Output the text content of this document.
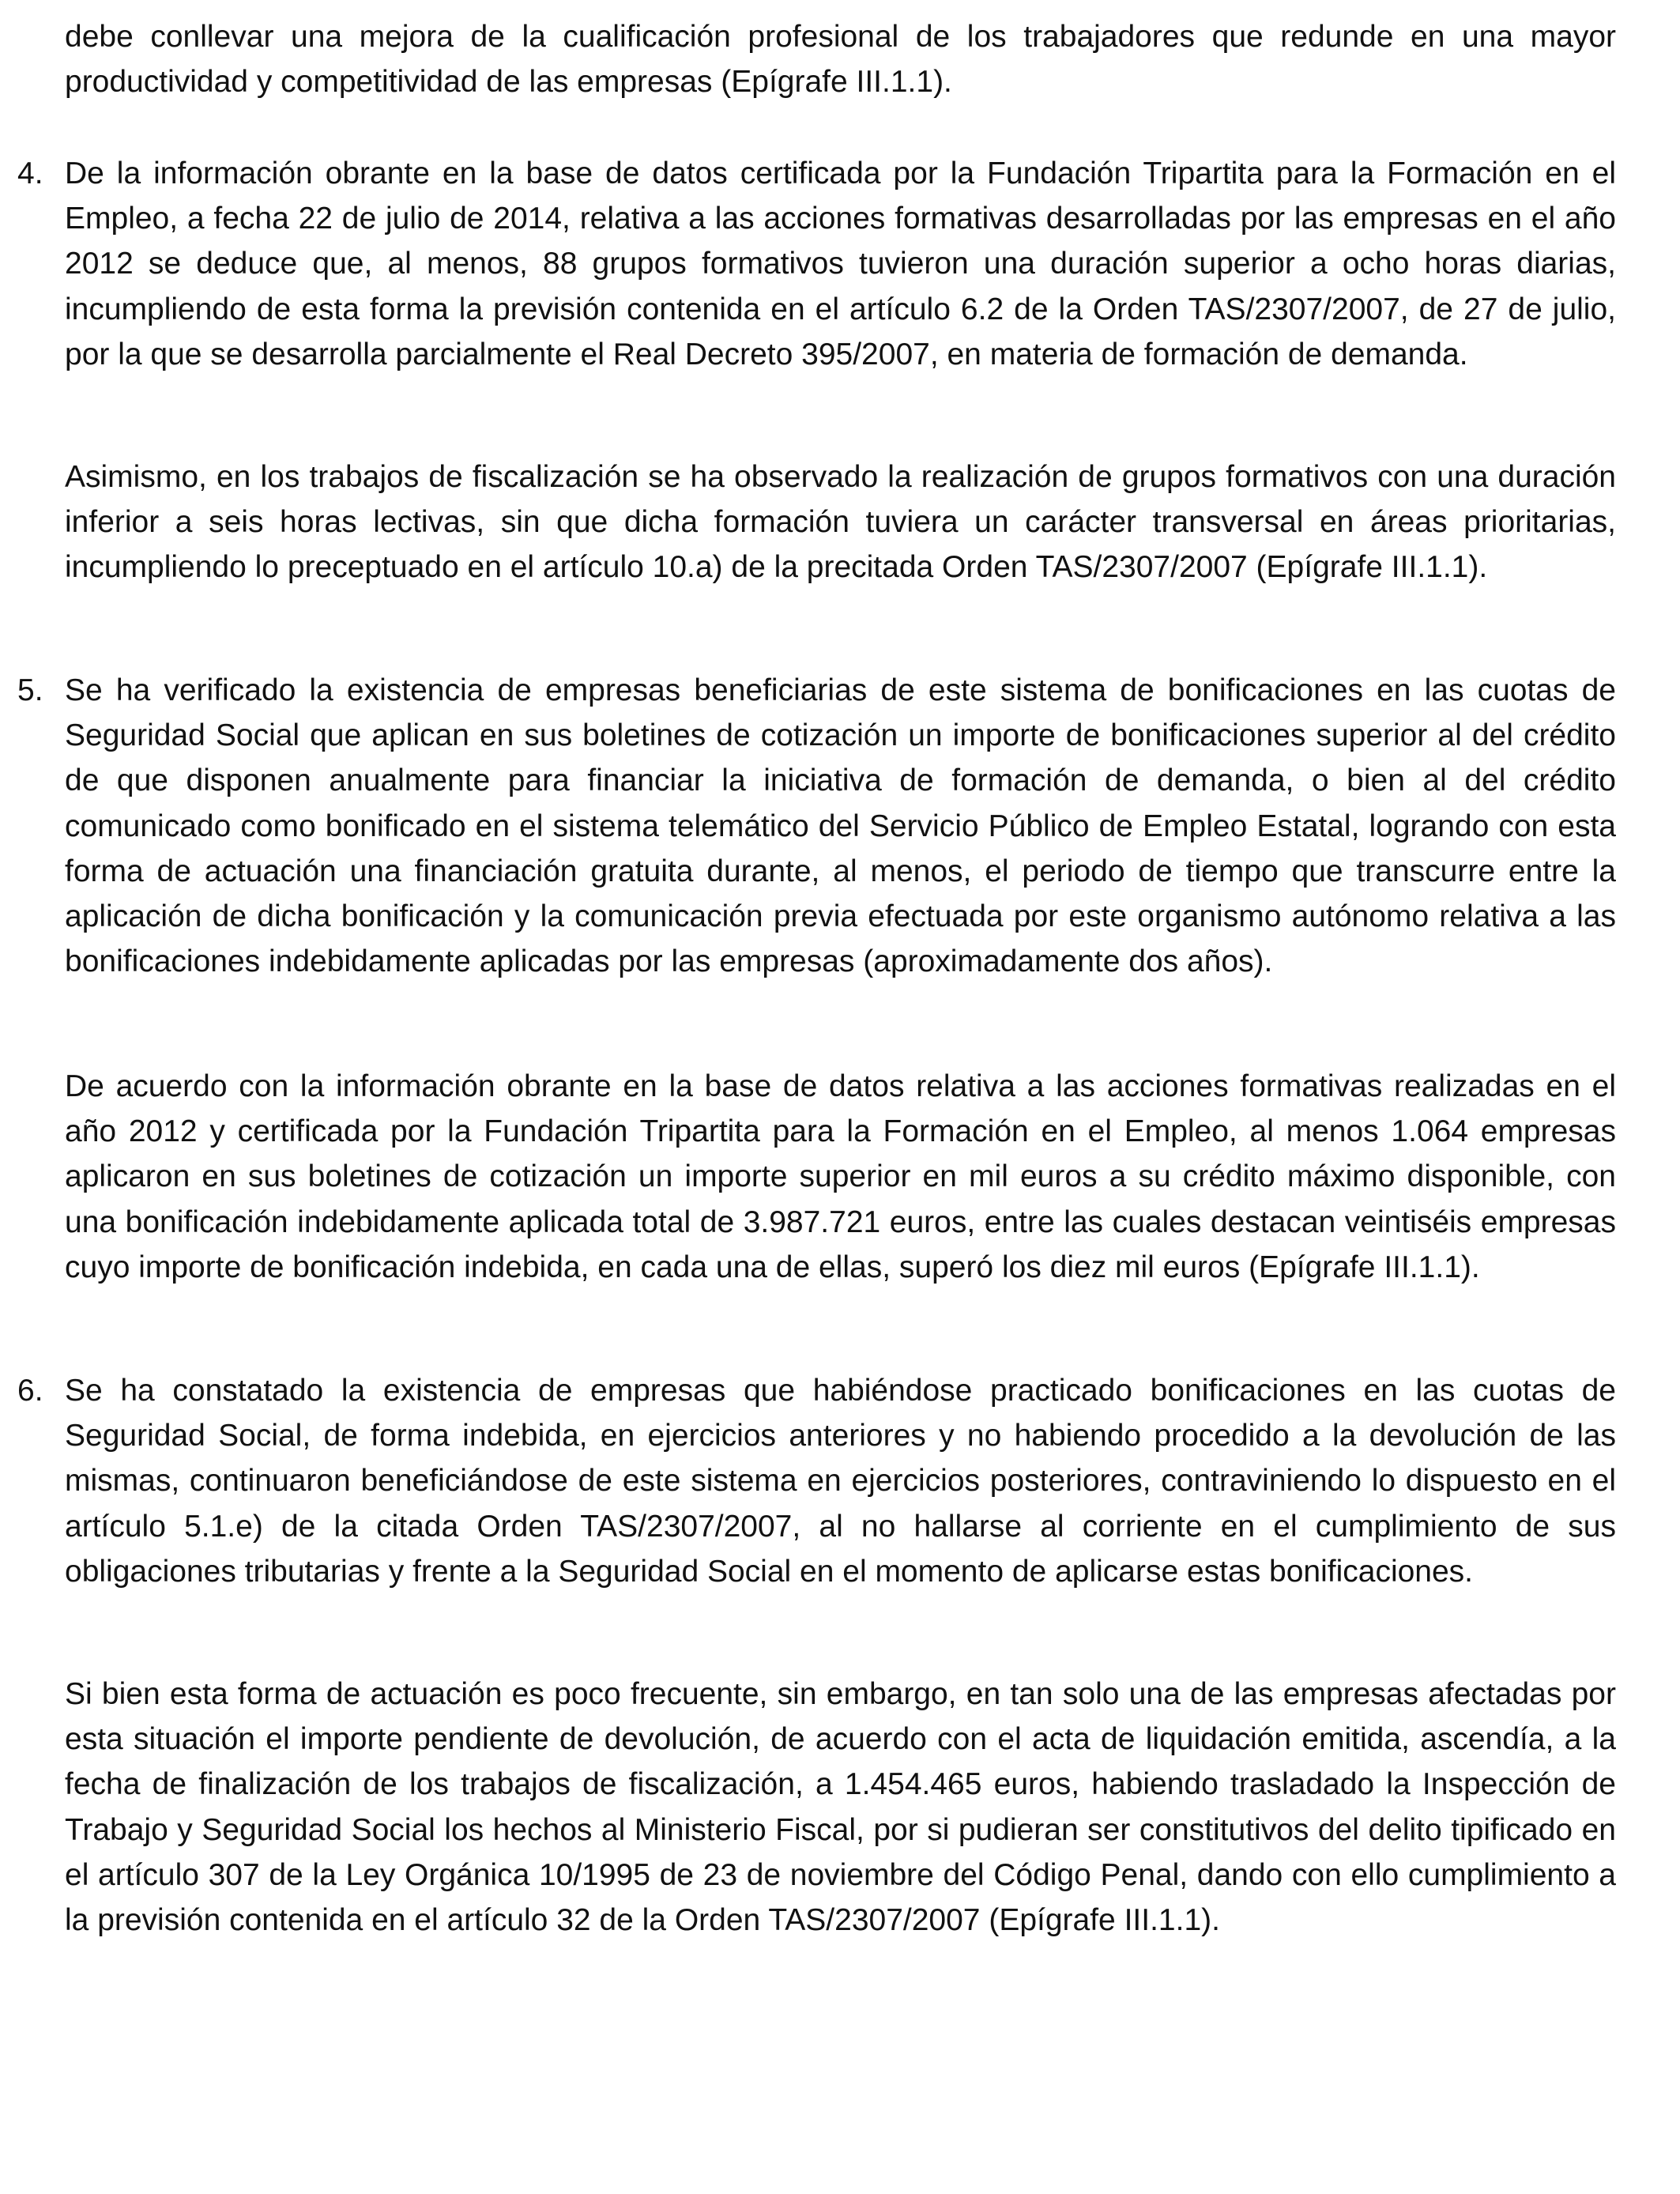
debe conllevar una mejora de la cualificación profesional de los trabajadores que redunde en una mayor productividad y competitividad de las empresas (Epígrafe III.1.1).

4. De la información obrante en la base de datos certificada por la Fundación Tripartita para la Formación en el Empleo, a fecha 22 de julio de 2014, relativa a las acciones formativas desarrolladas por las empresas en el año 2012 se deduce que, al menos, 88 grupos formativos tuvieron una duración superior a ocho horas diarias, incumpliendo de esta forma la previsión contenida en el artículo 6.2 de la Orden TAS/2307/2007, de 27 de julio, por la que se desarrolla parcialmente el Real Decreto 395/2007, en materia de formación de demanda.

Asimismo, en los trabajos de fiscalización se ha observado la realización de grupos formativos con una duración inferior a seis horas lectivas, sin que dicha formación tuviera un carácter transversal en áreas prioritarias, incumpliendo lo preceptuado en el artículo 10.a) de la precitada Orden TAS/2307/2007 (Epígrafe III.1.1).

5. Se ha verificado la existencia de empresas beneficiarias de este sistema de bonificaciones en las cuotas de Seguridad Social que aplican en sus boletines de cotización un importe de bonificaciones superior al del crédito de que disponen anualmente para financiar la iniciativa de formación de demanda, o bien al del crédito comunicado como bonificado en el sistema telemático del Servicio Público de Empleo Estatal, logrando con esta forma de actuación una financiación gratuita durante, al menos, el periodo de tiempo que transcurre entre la aplicación de dicha bonificación y la comunicación previa efectuada por este organismo autónomo relativa a las bonificaciones indebidamente aplicadas por las empresas (aproximadamente dos años).

De acuerdo con la información obrante en la base de datos relativa a las acciones formativas realizadas en el año 2012 y certificada por la Fundación Tripartita para la Formación en el Empleo, al menos 1.064 empresas aplicaron en sus boletines de cotización un importe superior en mil euros a su crédito máximo disponible, con una bonificación indebidamente aplicada total de 3.987.721 euros, entre las cuales destacan veintiséis empresas cuyo importe de bonificación indebida, en cada una de ellas, superó los diez mil euros (Epígrafe III.1.1).

6. Se ha constatado la existencia de empresas que habiéndose practicado bonificaciones en las cuotas de Seguridad Social, de forma indebida, en ejercicios anteriores y no habiendo procedido a la devolución de las mismas, continuaron beneficiándose de este sistema en ejercicios posteriores, contraviniendo lo dispuesto en el artículo 5.1.e) de la citada Orden TAS/2307/2007, al no hallarse al corriente en el cumplimiento de sus obligaciones tributarias y frente a la Seguridad Social en el momento de aplicarse estas bonificaciones.

Si bien esta forma de actuación es poco frecuente, sin embargo, en tan solo una de las empresas afectadas por esta situación el importe pendiente de devolución, de acuerdo con el acta de liquidación emitida, ascendía, a la fecha de finalización de los trabajos de fiscalización, a 1.454.465 euros, habiendo trasladado la Inspección de Trabajo y Seguridad Social los hechos al Ministerio Fiscal, por si pudieran ser constitutivos del delito tipificado en el artículo 307 de la Ley Orgánica 10/1995 de 23 de noviembre del Código Penal, dando con ello cumplimiento a la previsión contenida en el artículo 32 de la Orden TAS/2307/2007 (Epígrafe III.1.1).
